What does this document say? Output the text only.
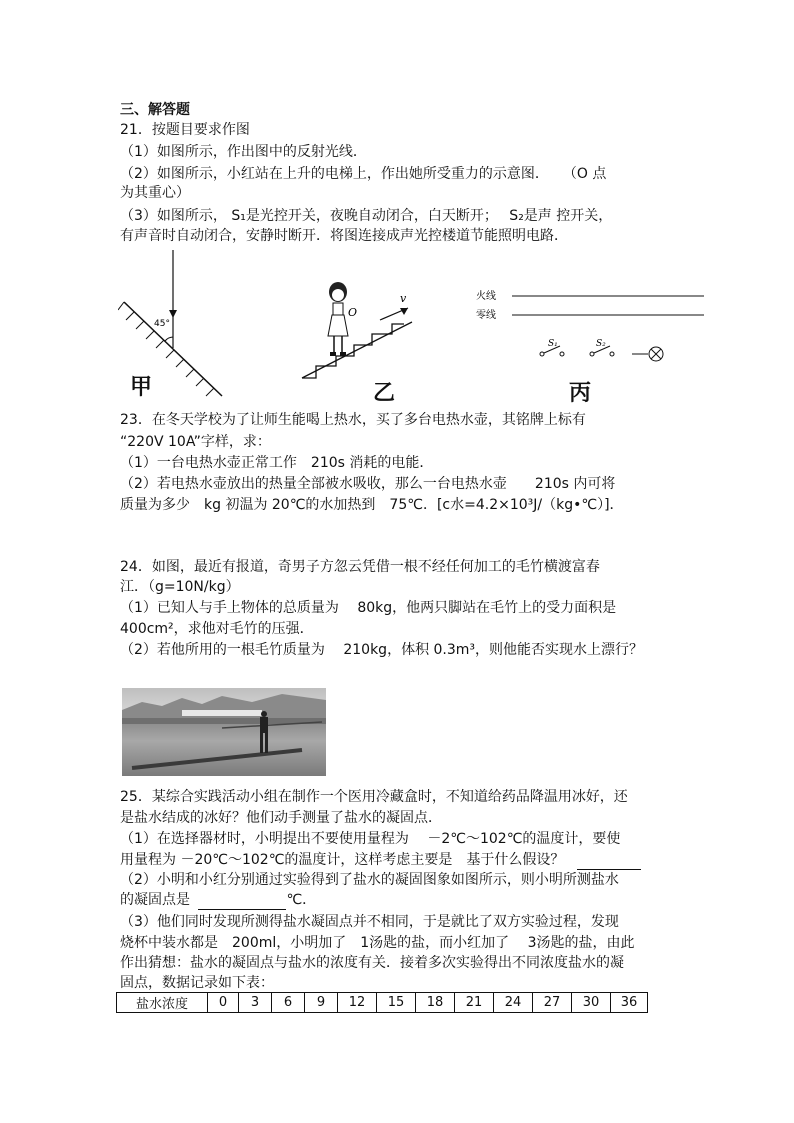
三、解答题
21．按题目要求作图
（1）如图所示，作出图中的反射光线．
（2）如图所示，小红站在上升的电梯上，作出她所受重力的示意图．　　（O 点
为其重心）
（3）如图所示， S₁是光控开关，夜晚自动闭合，白天断开；　 S₂是声 控开关，
有声音时自动闭合，安静时断开．将图连接成声光控楼道节能照明电路．
45°
甲
v
O
乙
火线
零线
S₁	S₂
丙
23．在冬天学校为了让师生能喝上热水，买了多台电热水壶，其铭牌上标有
“220V 10A”字样，求：
（1）一台电热水壶正常工作　210s 消耗的电能．
（2）若电热水壶放出的热量全部被水吸收，那么一台电热水壶　　210s 内可将
质量为多少　kg 初温为 20℃的水加热到　75℃．[c水=4.2×10³J/（kg•℃）]．
24．如图，最近有报道，奇男子方忽云凭借一根不经任何加工的毛竹横渡富春
江．（g=10N/kg）
（1）已知人与手上物体的总质量为　 80kg，他两只脚站在毛竹上的受力面积是
400cm²，求他对毛竹的压强．
（2）若他所用的一根毛竹质量为　 210kg，体积 0.3m³，则他能否实现水上漂行？
25．某综合实践活动小组在制作一个医用冷藏盒时，不知道给药品降温用冰好，还
是盐水结成的冰好？他们动手测量了盐水的凝固点．
（1）在选择器材时，小明提出不要使用量程为　 －2℃～102℃的温度计，要使
用量程为 －20℃～102℃的温度计，这样考虑主要是　基于什么假设？
（2）小明和小红分别通过实验得到了盐水的凝固图象如图所示，则小明所测盐水
的凝固点是	℃．
（3）他们同时发现所测得盐水凝固点并不相同，于是就比了双方实验过程，发现
烧杯中装水都是　200ml，小明加了　1汤匙的盐，而小红加了　 3汤匙的盐，由此
作出猜想：盐水的凝固点与盐水的浓度有关．接着多次实验得出不同浓度盐水的凝
固点，数据记录如下表：
盐水浓度	0	3	6	9	12	15	18	21	24	27	30	36
